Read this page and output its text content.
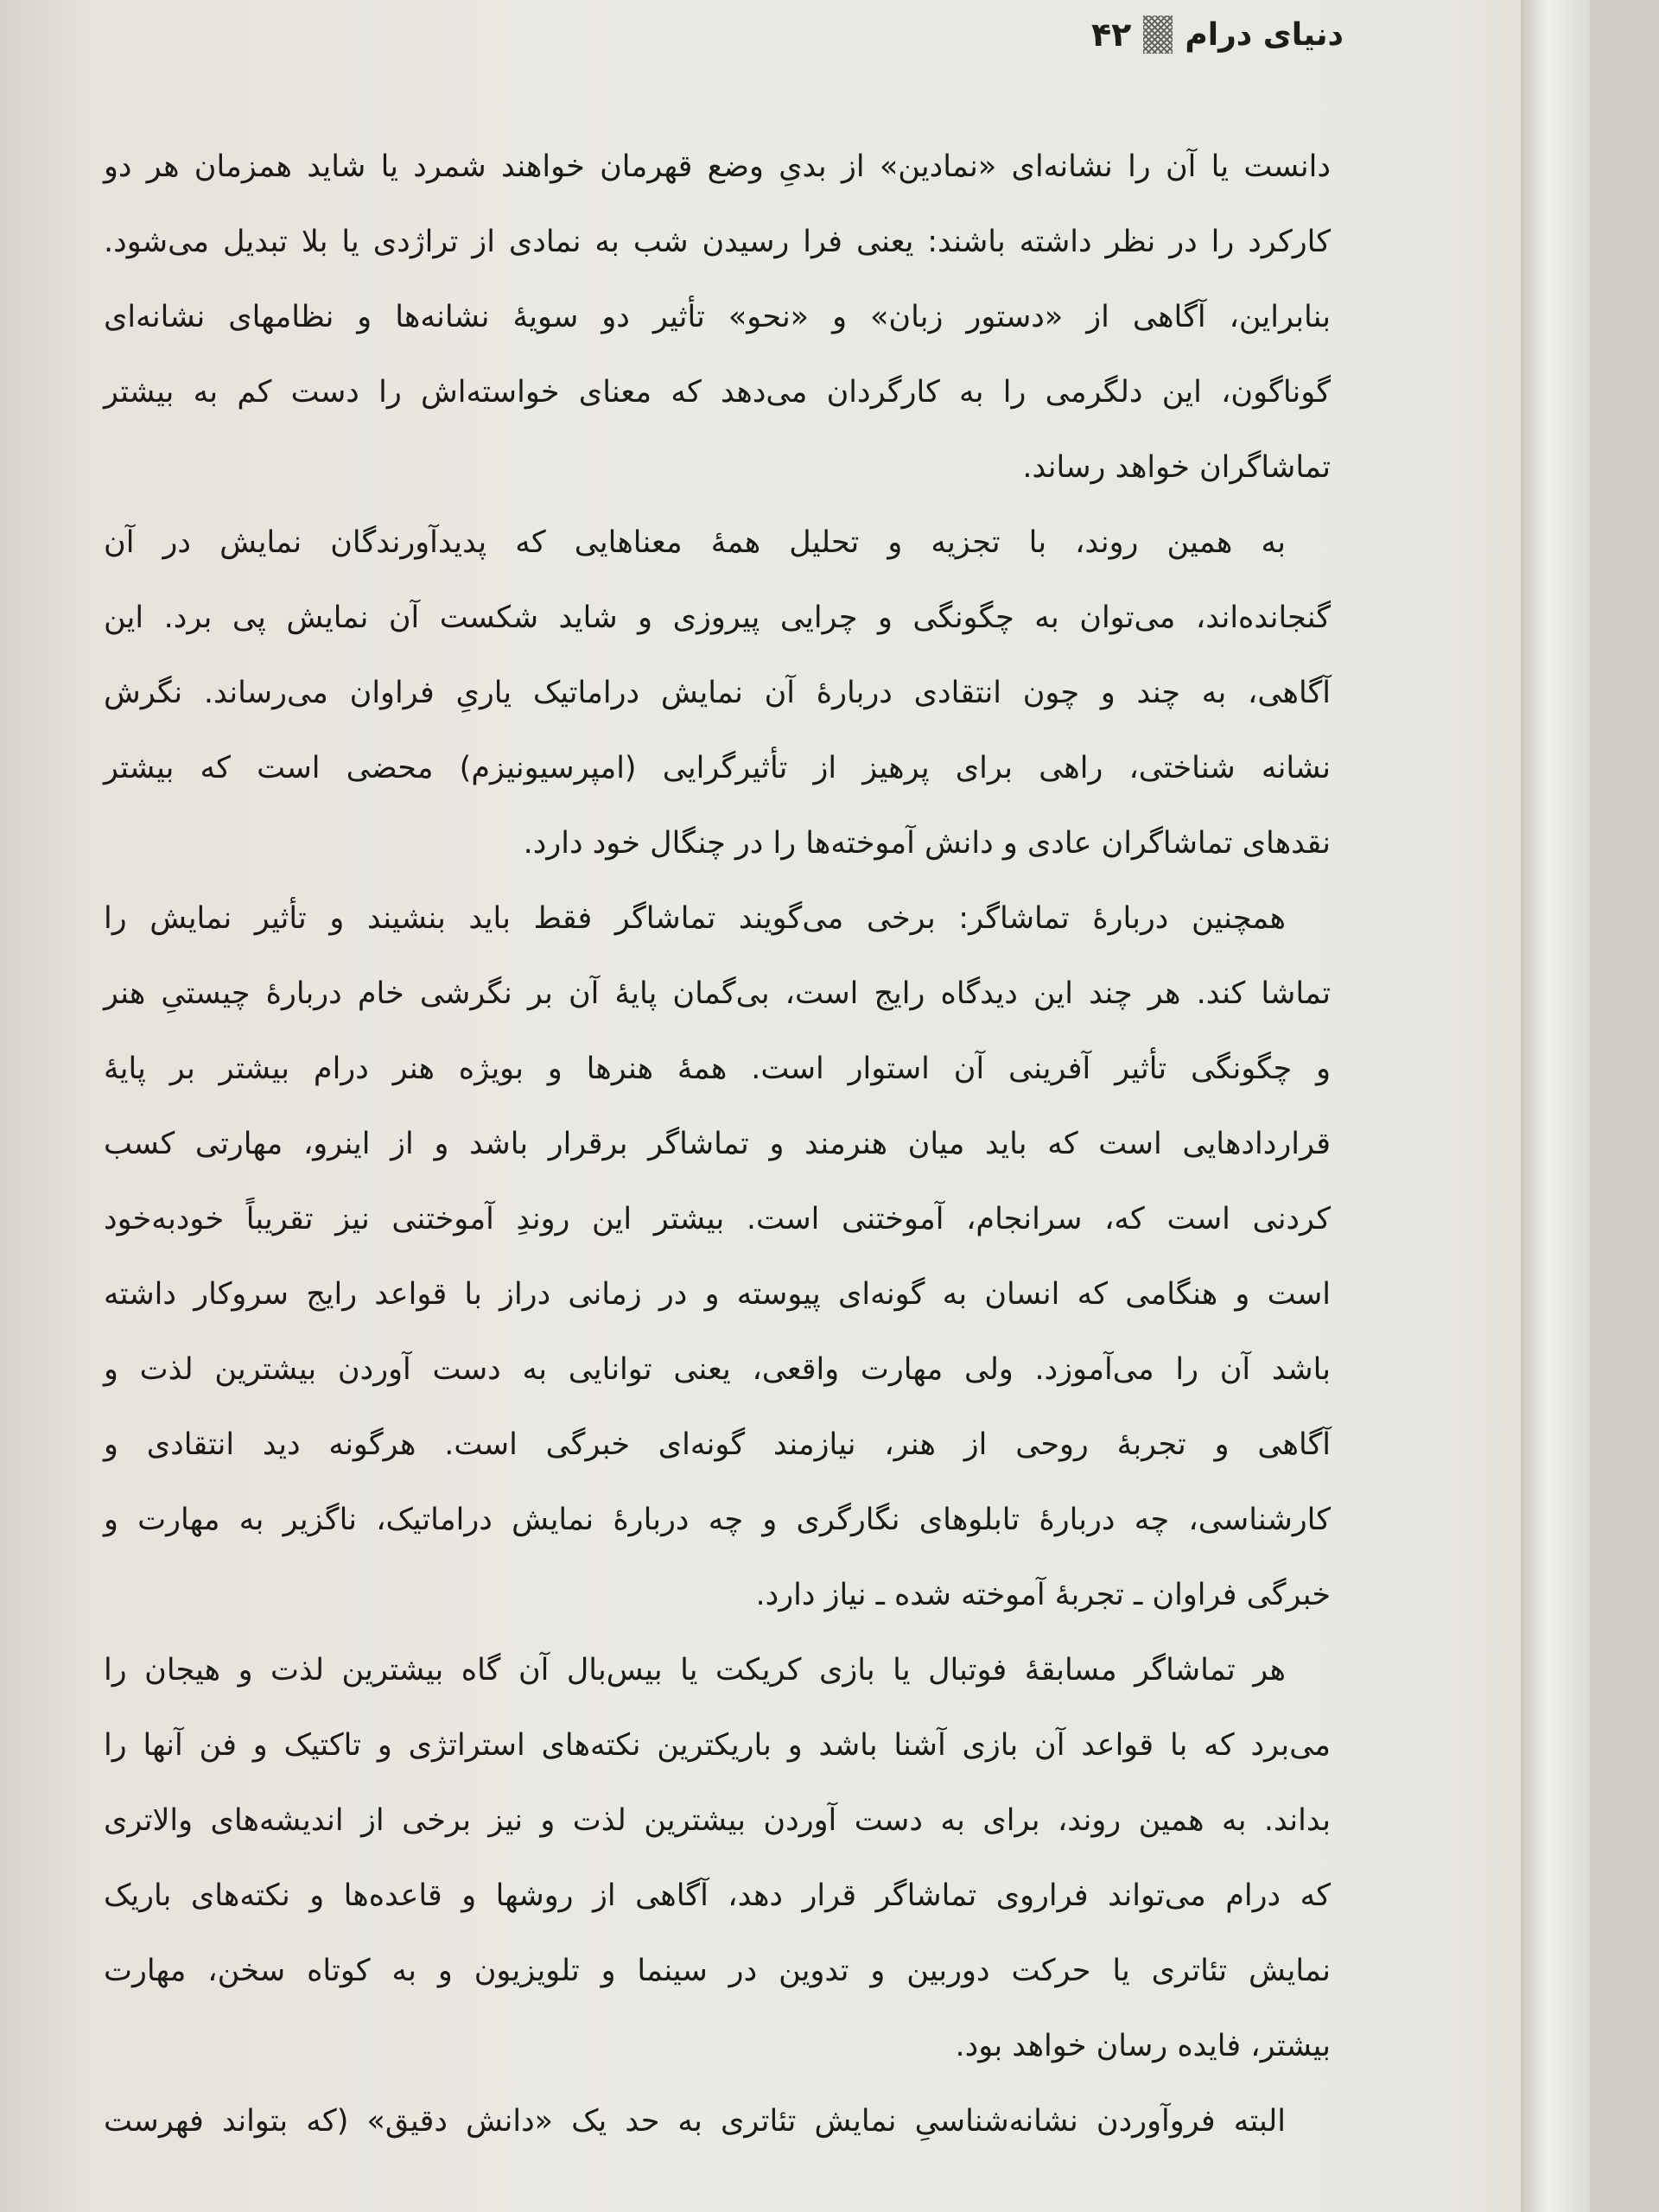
۴۲ دنیای درام
دانست یا آن را نشانه‌ای «نمادین» از بدیِ وضع قهرمان خواهند شمرد یا شاید همزمان هر دو
کارکرد را در نظر داشته باشند: یعنی فرا رسیدن شب به نمادی از تراژدی یا بلا تبدیل می‌شود.
بنابراین، آگاهی از «دستور زبان» و «نحو» تأثیر دو سویهٔ نشانه‌ها و نظامهای نشانه‌ای
گوناگون، این دلگرمی را به کارگردان می‌دهد که معنای خواسته‌اش را دست کم به بیشتر
تماشاگران خواهد رساند.
به همین روند، با تجزیه و تحلیل همهٔ معناهایی که پدیدآورندگان نمایش در آن
گنجانده‌اند، می‌توان به چگونگی و چرایی پیروزی و شاید شکست آن نمایش پی برد. این
آگاهی، به چند و چون انتقادی دربارهٔ آن نمایش دراماتیک یاریِ فراوان می‌رساند. نگرش
نشانه شناختی، راهی برای پرهیز از تأثیرگرایی (امپرسیونیزم) محضی است که بیشتر
نقدهای تماشاگران عادی و دانش آموخته‌ها را در چنگال خود دارد.
همچنین دربارهٔ تماشاگر: برخی می‌گویند تماشاگر فقط باید بنشیند و تأثیر نمایش را
تماشا کند. هر چند این دیدگاه رایج است، بی‌گمان پایهٔ آن بر نگرشی خام دربارهٔ چیستیِ هنر
و چگونگی تأثیر آفرینی آن استوار است. همهٔ هنرها و بویژه هنر درام بیشتر بر پایهٔ
قراردادهایی است که باید میان هنرمند و تماشاگر برقرار باشد و از اینرو، مهارتی کسب
کردنی است که، سرانجام، آموختنی است. بیشتر این روندِ آموختنی نیز تقریباً خودبه‌خود
است و هنگامی که انسان به گونه‌ای پیوسته و در زمانی دراز با قواعد رایج سروکار داشته
باشد آن را می‌آموزد. ولی مهارت واقعی، یعنی توانایی به دست آوردن بیشترین لذت و
آگاهی و تجربهٔ روحی از هنر، نیازمند گونه‌ای خبرگی است. هرگونه دید انتقادی و
کارشناسی، چه دربارهٔ تابلوهای نگارگری و چه دربارهٔ نمایش دراماتیک، ناگزیر به مهارت و
خبرگی فراوان ـ تجربهٔ آموخته شده ـ نیاز دارد.
هر تماشاگر مسابقهٔ فوتبال یا بازی کریکت یا بیس‌بال آن گاه بیشترین لذت و هیجان را
می‌برد که با قواعد آن بازی آشنا باشد و باریکترین نکته‌های استراتژی و تاکتیک و فن آنها را
بداند. به همین روند، برای به دست آوردن بیشترین لذت و نیز برخی از اندیشه‌های والاتری
که درام می‌تواند فراروی تماشاگر قرار دهد، آگاهی از روشها و قاعده‌ها و نکته‌های باریک
نمایش تئاتری یا حرکت دوربین و تدوین در سینما و تلویزیون و به کوتاه سخن، مهارت
بیشتر، فایده رسان خواهد بود.
البته فروآوردن نشانه‌شناسیِ نمایش تئاتری به حد یک «دانش دقیق» (که بتواند فهرست
